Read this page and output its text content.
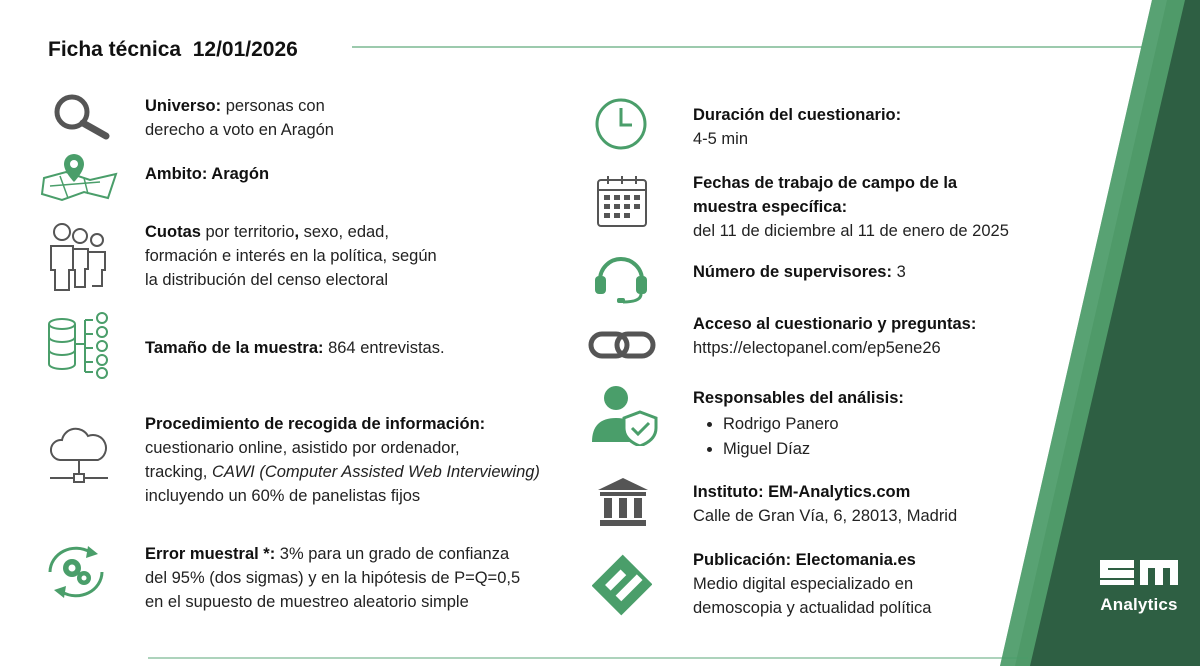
Ficha técnica  12/01/2026

Universo: personas con

derecho a voto en Aragón

Ambito: Aragón

Cuotas por territorio, sexo, edad,

formación e interés en la política, según

la distribución del censo electoral

Tamaño de la muestra: 864 entrevistas.

Procedimiento de recogida de información:

cuestionario online, asistido por ordenador,

tracking, CAWI (Computer Assisted Web Interviewing)

incluyendo un 60% de panelistas fijos

Error muestral *: 3% para un grado de confianza

del 95% (dos sigmas) y en la hipótesis de P=Q=0,5

en el supuesto de muestreo aleatorio simple

Duración del cuestionario:

4-5 min

Fechas de trabajo de campo de la

muestra específica:

del 11 de diciembre al 11 de enero de 2025

Número de supervisores: 3

Acceso al cuestionario y preguntas:

https://electopanel.com/ep5ene26

Responsables del análisis:

• Rodrigo Panero
• Miguel Díaz

Instituto: EM-Analytics.com

Calle de Gran Vía, 6, 28013, Madrid

Publicación: Electomania.es

Medio digital especializado en

demoscopia y actualidad política	Analytics
